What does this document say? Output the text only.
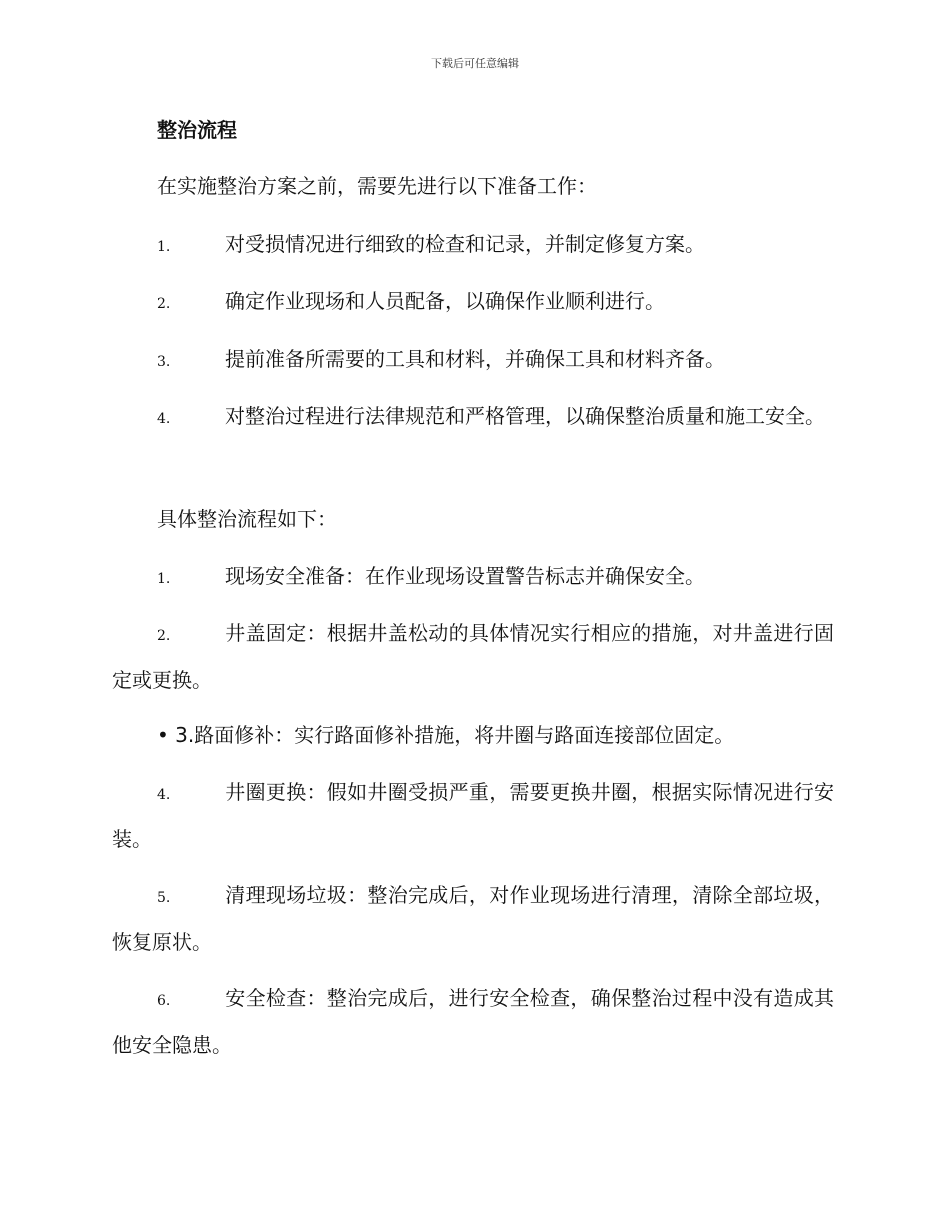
下载后可任意编辑
整治流程

在实施整治方案之前，需要先进行以下准备工作：

1.	对受损情况进行细致的检查和记录，并制定修复方案。
2.	确定作业现场和人员配备，以确保作业顺利进行。
3.	提前准备所需要的工具和材料，并确保工具和材料齐备。
4.	对整治过程进行法律规范和严格管理，以确保整治质量和施工安全。

具体整治流程如下：

1.	现场安全准备：在作业现场设置警告标志并确保安全。
2.	井盖固定：根据井盖松动的具体情况实行相应的措施，对井盖进行固定或更换。
• 3.路面修补：实行路面修补措施，将井圈与路面连接部位固定。
4.	井圈更换：假如井圈受损严重，需要更换井圈，根据实际情况进行安装。
5.	清理现场垃圾：整治完成后，对作业现场进行清理，清除全部垃圾，恢复原状。
6.	安全检查：整治完成后，进行安全检查，确保整治过程中没有造成其他安全隐患。
